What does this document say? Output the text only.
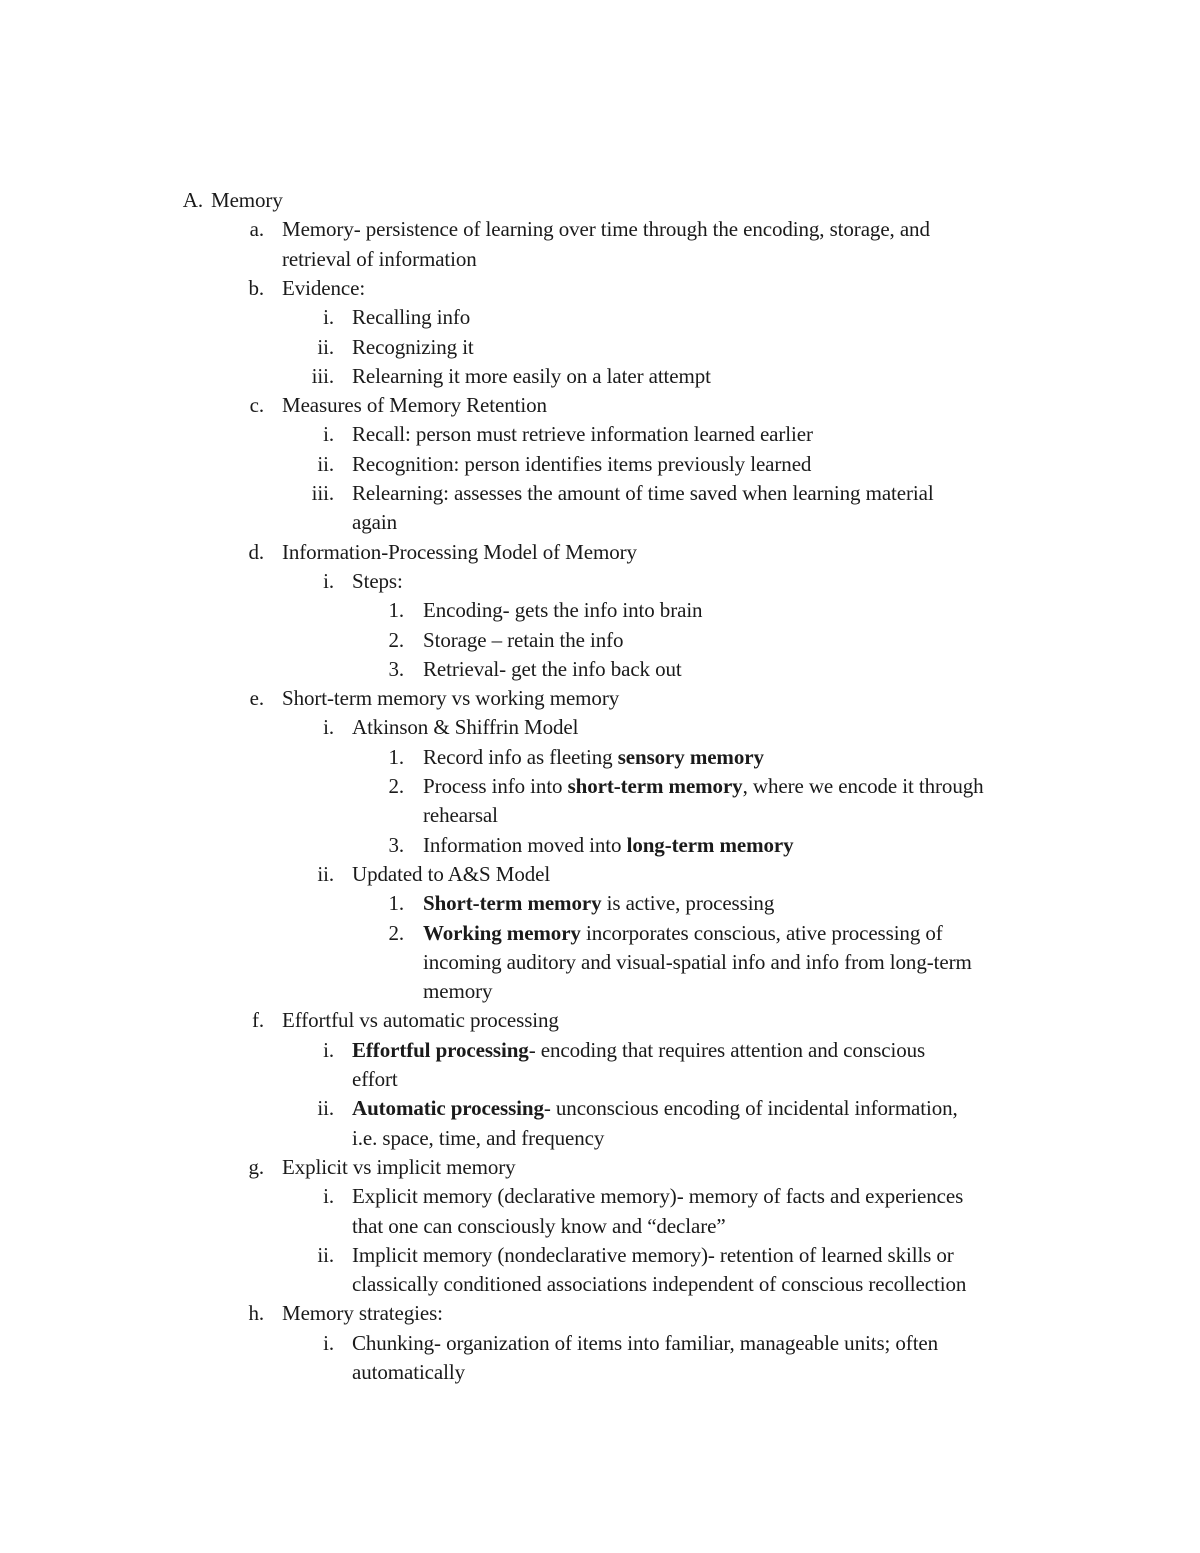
A. Memory
a. Memory- persistence of learning over time through the encoding, storage, and
retrieval of information
b. Evidence:
i. Recalling info
ii. Recognizing it
iii. Relearning it more easily on a later attempt
c. Measures of Memory Retention
i. Recall: person must retrieve information learned earlier
ii. Recognition: person identifies items previously learned
iii. Relearning: assesses the amount of time saved when learning material
again
d. Information-Processing Model of Memory
i. Steps:
1. Encoding- gets the info into brain
2. Storage – retain the info
3. Retrieval- get the info back out
e. Short-term memory vs working memory
i. Atkinson & Shiffrin Model
1. Record info as fleeting sensory memory
2. Process info into short-term memory, where we encode it through
rehearsal
3. Information moved into long-term memory
ii. Updated to A&S Model
1. Short-term memory is active, processing
2. Working memory incorporates conscious, ative processing of
incoming auditory and visual-spatial info and info from long-term
memory
f. Effortful vs automatic processing
i. Effortful processing- encoding that requires attention and conscious
effort
ii. Automatic processing- unconscious encoding of incidental information,
i.e. space, time, and frequency
g. Explicit vs implicit memory
i. Explicit memory (declarative memory)- memory of facts and experiences
that one can consciously know and “declare”
ii. Implicit memory (nondeclarative memory)- retention of learned skills or
classically conditioned associations independent of conscious recollection
h. Memory strategies:
i. Chunking- organization of items into familiar, manageable units; often
automatically
